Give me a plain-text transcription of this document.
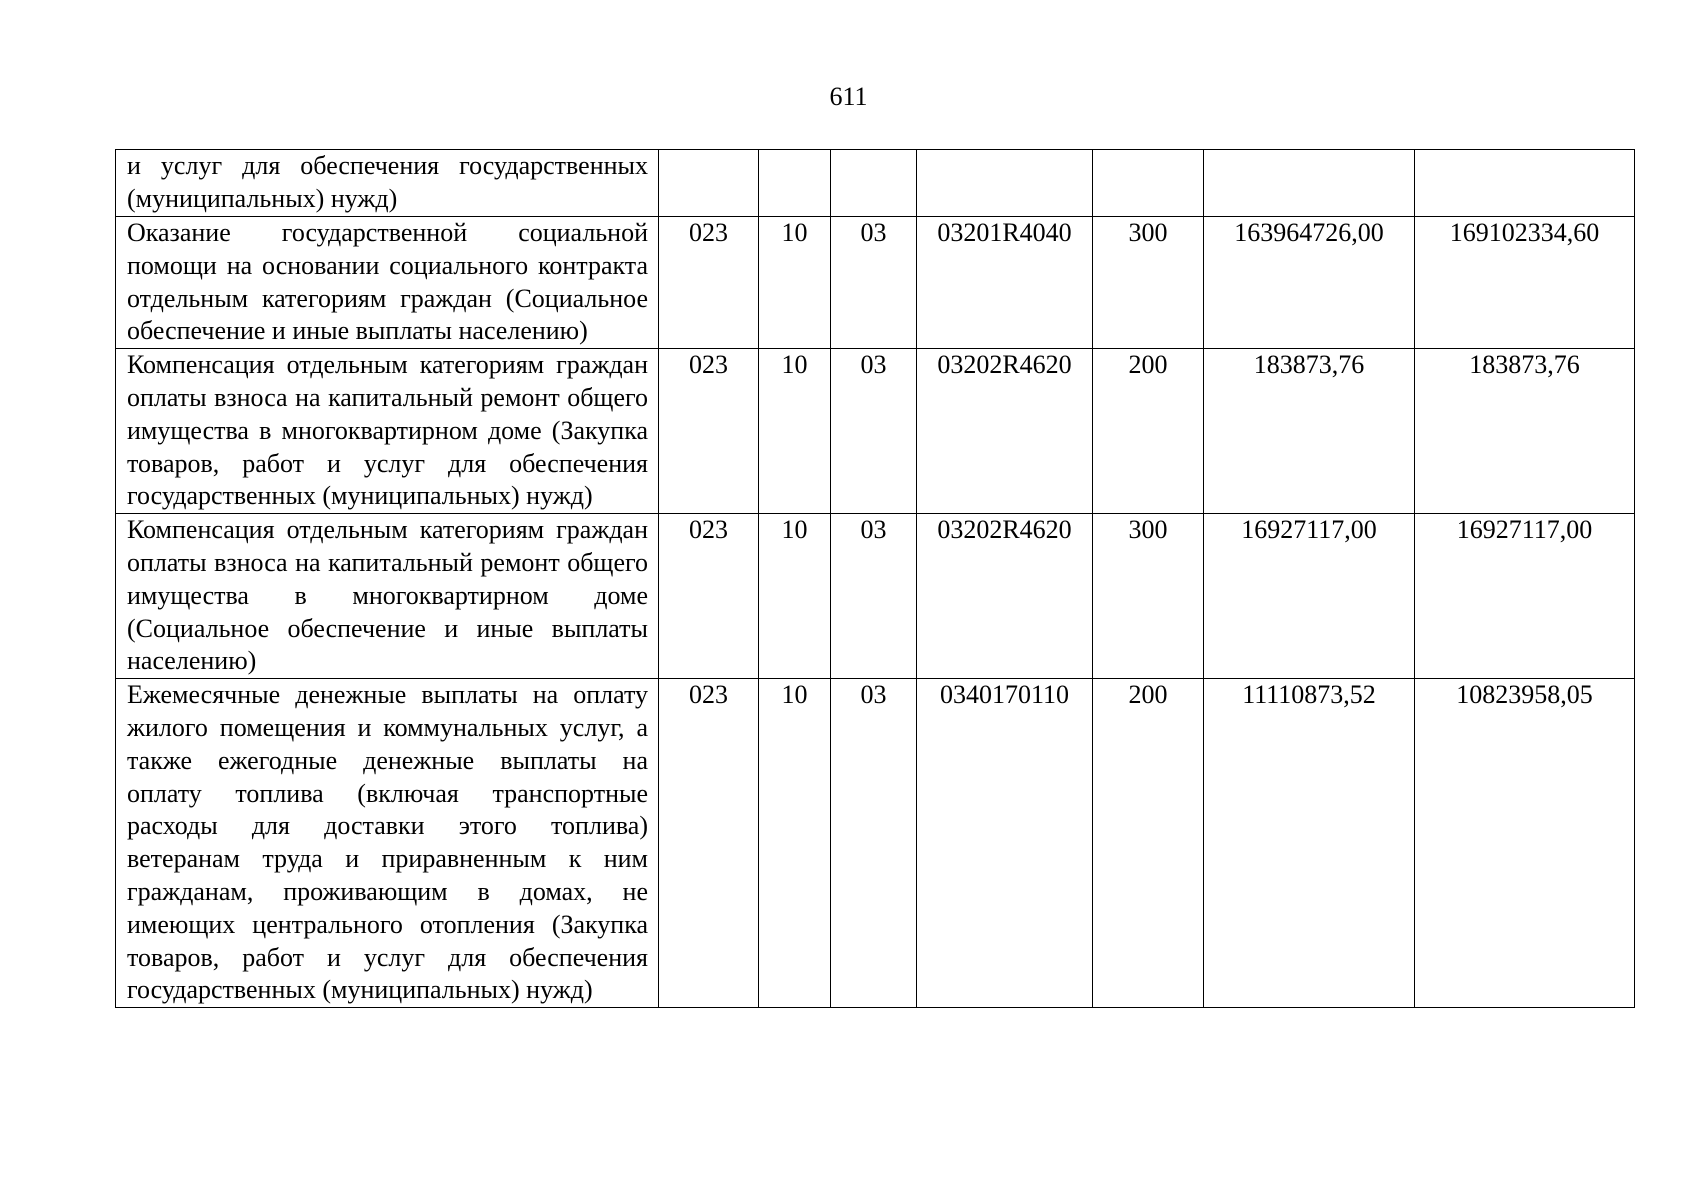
611
и услуг для обеспечения государственных (муниципальных) нужд)							
Оказание государственной социальной помощи на основании социального контракта отдельным категориям граждан (Социальное обеспечение и иные выплаты населению)	023	10	03	03201R4040	300	163964726,00	169102334,60
Компенсация отдельным категориям граждан оплаты взноса на капитальный ремонт общего имущества в многоквартирном доме (Закупка товаров, работ и услуг для обеспечения государственных (муниципальных) нужд)	023	10	03	03202R4620	200	183873,76	183873,76
Компенсация отдельным категориям граждан оплаты взноса на капитальный ремонт общего имущества в многоквартирном доме (Социальное обеспечение и иные выплаты населению)	023	10	03	03202R4620	300	16927117,00	16927117,00
Ежемесячные денежные выплаты на оплату жилого помещения и коммунальных услуг, а также ежегодные денежные выплаты на оплату топлива (включая транспортные расходы для доставки этого топлива) ветеранам труда и приравненным к ним гражданам, проживающим в домах, не имеющих центрального отопления (Закупка товаров, работ и услуг для обеспечения государственных (муниципальных) нужд)	023	10	03	0340170110	200	11110873,52	10823958,05
